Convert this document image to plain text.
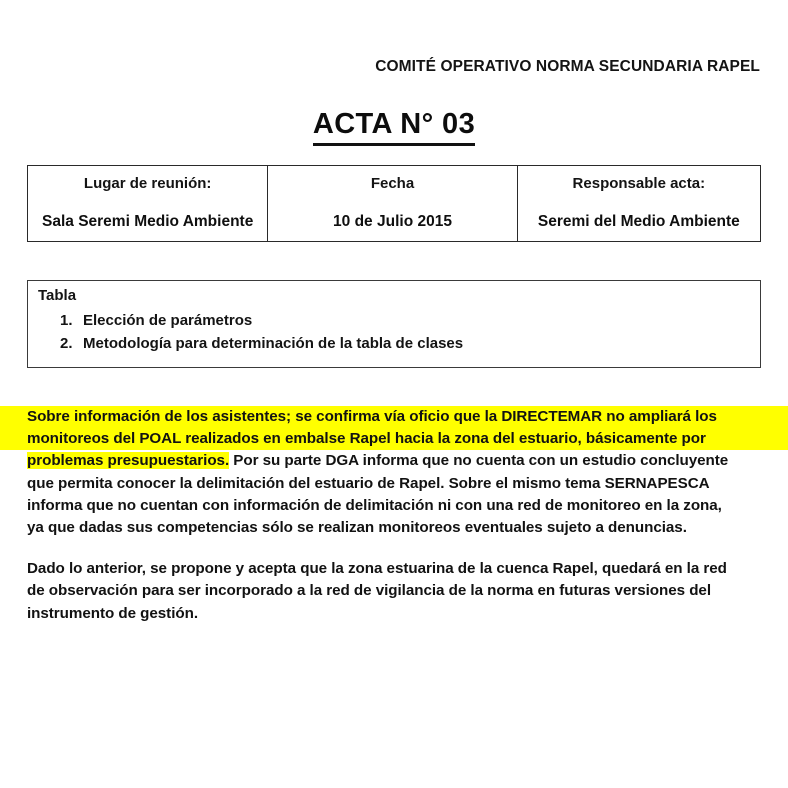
COMITÉ OPERATIVO NORMA SECUNDARIA RAPEL
ACTA N° 03
Lugar de reunión:
Sala Seremi Medio Ambiente
Fecha
10 de Julio 2015
Responsable acta:
Seremi del Medio Ambiente
Tabla
1. Elección de parámetros
2. Metodología para determinación de la tabla de clases
Sobre información de los asistentes; se confirma vía oficio que la DIRECTEMAR no ampliará los
monitoreos del POAL realizados en embalse Rapel hacia la zona del estuario, básicamente por
problemas presupuestarios. Por su parte DGA informa que no cuenta con un estudio concluyente
que permita conocer la delimitación del estuario de Rapel. Sobre el mismo tema SERNAPESCA
informa que no cuentan con información de delimitación ni con una red de monitoreo en la zona,
ya que dadas sus competencias sólo se realizan monitoreos eventuales sujeto a denuncias.
Dado lo anterior, se propone y acepta que la zona estuarina de la cuenca Rapel, quedará en la red
de observación para ser incorporado a la red de vigilancia de la norma en futuras versiones del
instrumento de gestión.
